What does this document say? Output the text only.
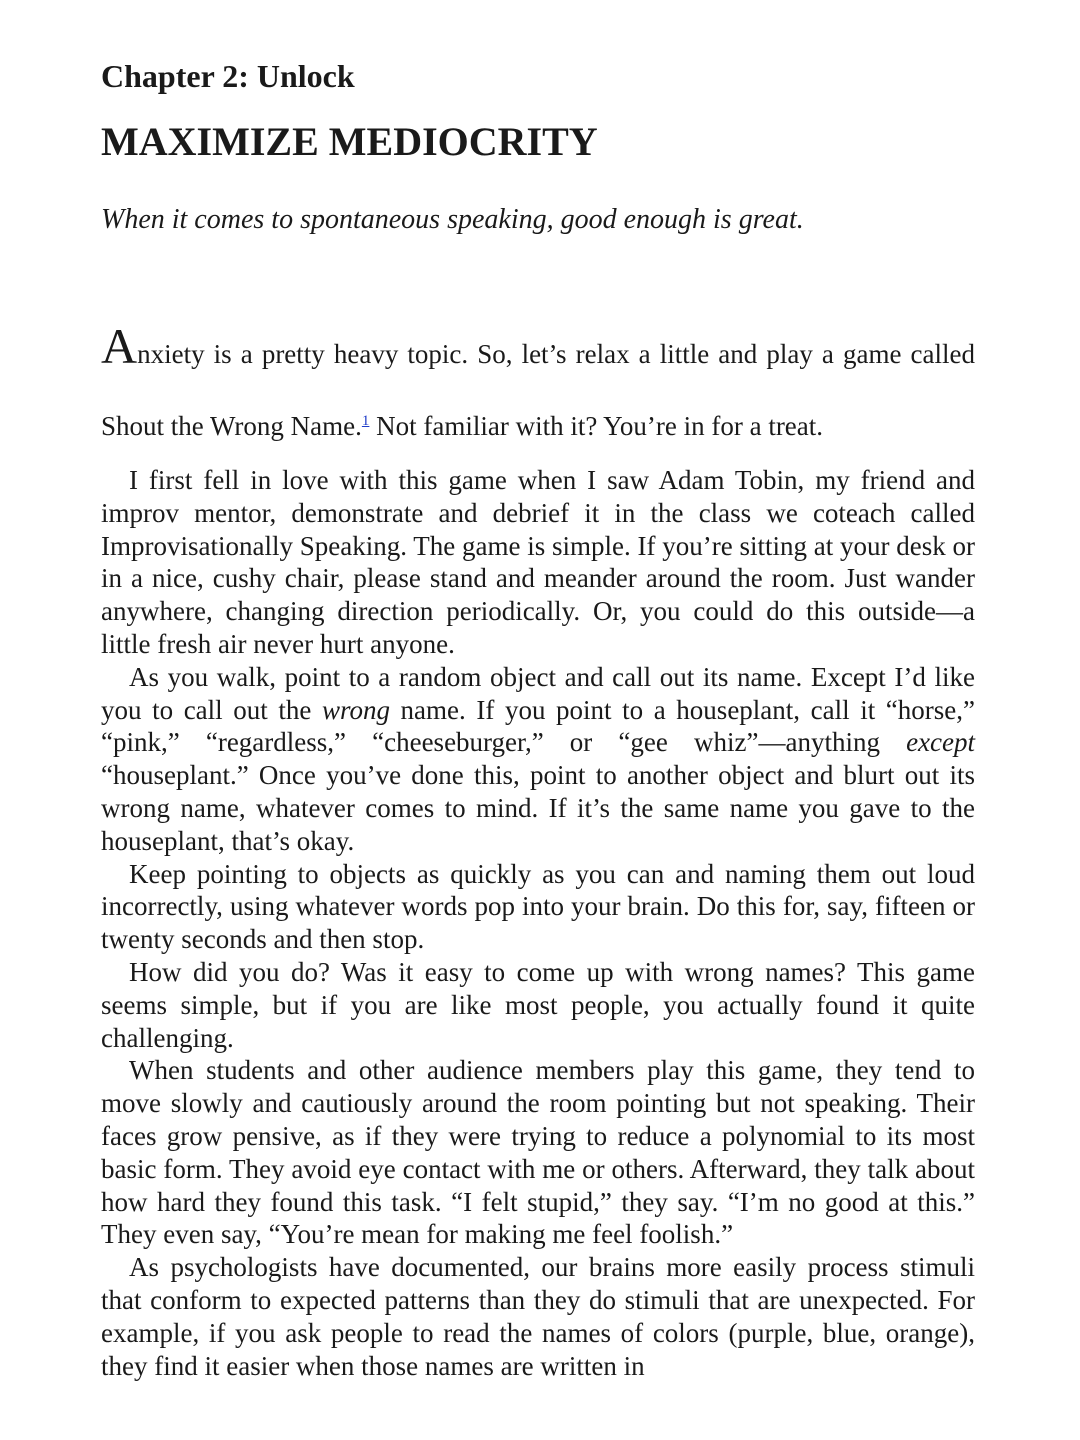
Chapter 2: Unlock
MAXIMIZE MEDIOCRITY

When it comes to spontaneous speaking, good enough is great.

Anxiety is a pretty heavy topic. So, let’s relax a little and play a game called Shout the Wrong Name.$^1$ Not familiar with it? You’re in for a treat.

I first fell in love with this game when I saw Adam Tobin, my friend and improv mentor, demonstrate and debrief it in the class we coteach called Improvisationally Speaking. The game is simple. If you’re sitting at your desk or in a nice, cushy chair, please stand and meander around the room. Just wander anywhere, changing direction periodically. Or, you could do this outside—a little fresh air never hurt anyone.

As you walk, point to a random object and call out its name. Except I’d like you to call out the wrong name. If you point to a houseplant, call it “horse,” “pink,” “regardless,” “cheeseburger,” or “gee whiz”—anything except “houseplant.” Once you’ve done this, point to another object and blurt out its wrong name, whatever comes to mind. If it’s the same name you gave to the houseplant, that’s okay.

Keep pointing to objects as quickly as you can and naming them out loud incorrectly, using whatever words pop into your brain. Do this for, say, fifteen or twenty seconds and then stop.

How did you do? Was it easy to come up with wrong names? This game seems simple, but if you are like most people, you actually found it quite challenging.

When students and other audience members play this game, they tend to move slowly and cautiously around the room pointing but not speaking. Their faces grow pensive, as if they were trying to reduce a polynomial to its most basic form. They avoid eye contact with me or others. Afterward, they talk about how hard they found this task. “I felt stupid,” they say. “I’m no good at this.” They even say, “You’re mean for making me feel foolish.”

As psychologists have documented, our brains more easily process stimuli that conform to expected patterns than they do stimuli that are unexpected. For example, if you ask people to read the names of colors (purple, blue, orange), they find it easier when those names are written in
